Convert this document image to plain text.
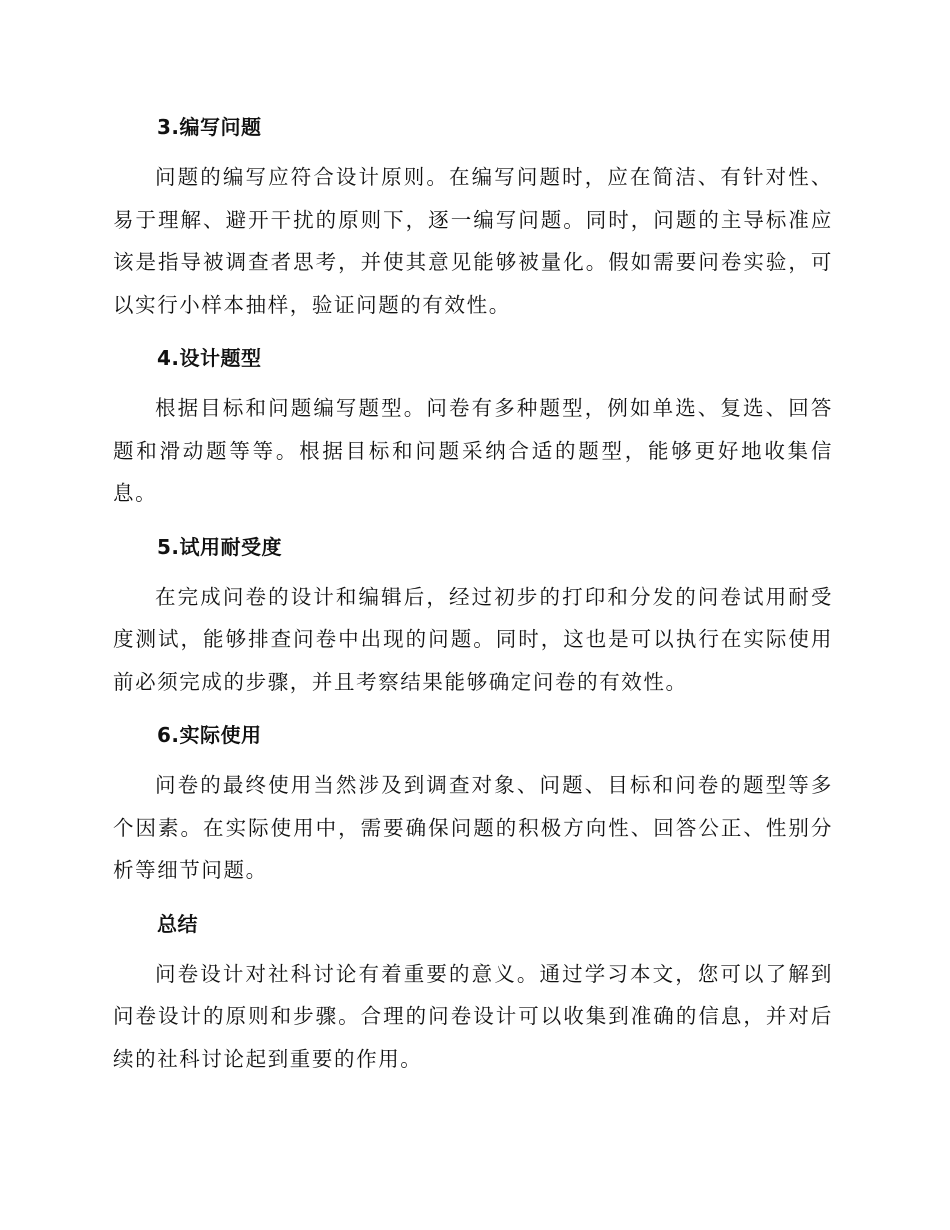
3.编写问题

问题的编写应符合设计原则。在编写问题时，应在简洁、有针对性、易于理解、避开干扰的原则下，逐一编写问题。同时，问题的主导标准应该是指导被调查者思考，并使其意见能够被量化。假如需要问卷实验，可以实行小样本抽样，验证问题的有效性。

4.设计题型

根据目标和问题编写题型。问卷有多种题型，例如单选、复选、回答题和滑动题等等。根据目标和问题采纳合适的题型，能够更好地收集信息。

5.试用耐受度

在完成问卷的设计和编辑后，经过初步的打印和分发的问卷试用耐受度测试，能够排查问卷中出现的问题。同时，这也是可以执行在实际使用前必须完成的步骤，并且考察结果能够确定问卷的有效性。

6.实际使用

问卷的最终使用当然涉及到调查对象、问题、目标和问卷的题型等多个因素。在实际使用中，需要确保问题的积极方向性、回答公正、性别分析等细节问题。

总结

问卷设计对社科讨论有着重要的意义。通过学习本文，您可以了解到问卷设计的原则和步骤。合理的问卷设计可以收集到准确的信息，并对后续的社科讨论起到重要的作用。
